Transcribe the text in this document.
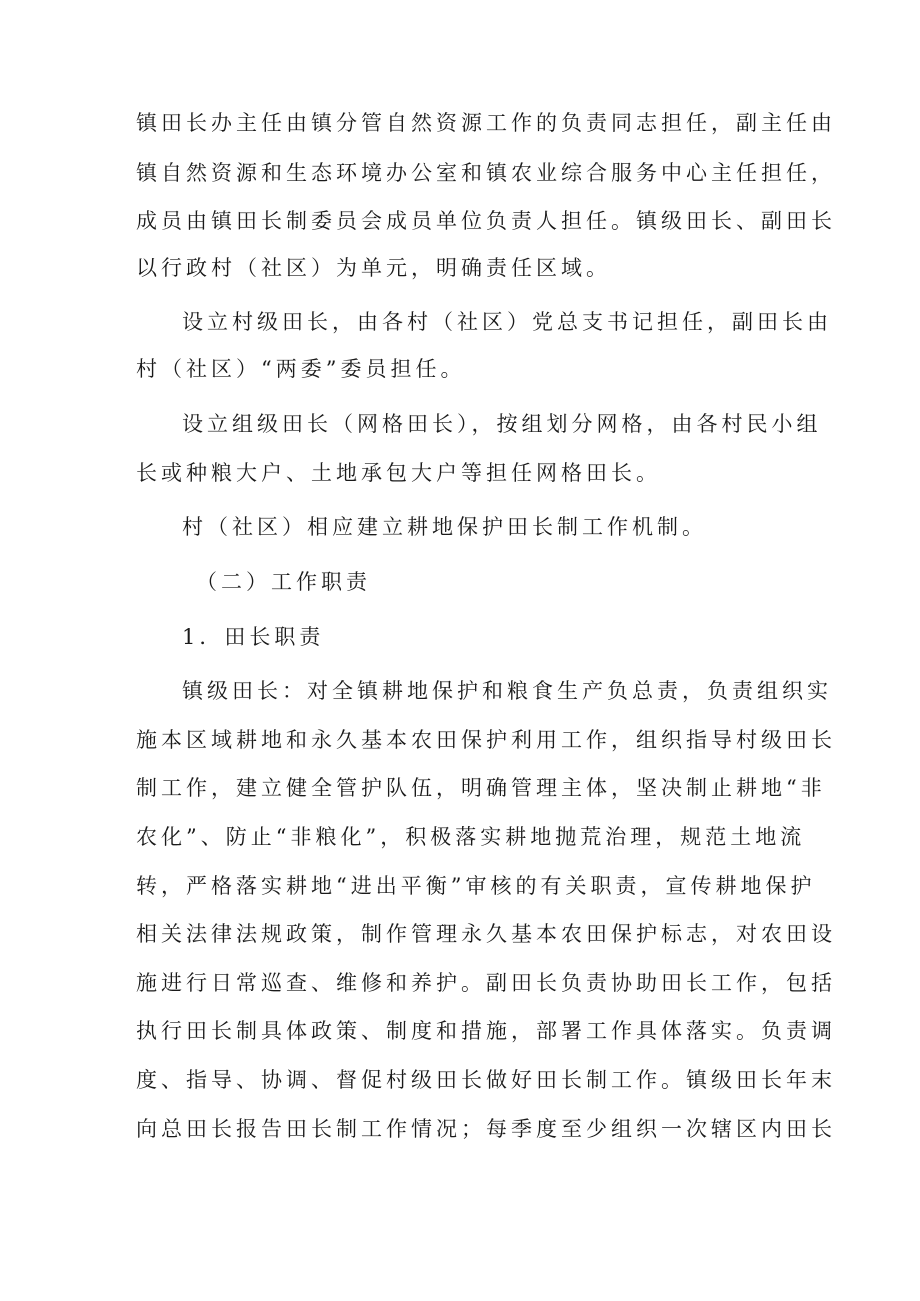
镇田长办主任由镇分管自然资源工作的负责同志担任，副主任由
镇自然资源和生态环境办公室和镇农业综合服务中心主任担任，
成员由镇田长制委员会成员单位负责人担任。镇级田长、副田长
以行政村（社区）为单元，明确责任区域。
设立村级田长，由各村（社区）党总支书记担任，副田长由
村（社区）“两委”委员担任。
设立组级田长（网格田长），按组划分网格，由各村民小组
长或种粮大户、土地承包大户等担任网格田长。
村（社区）相应建立耕地保护田长制工作机制。
（二）工作职责
1．田长职责
镇级田长：对全镇耕地保护和粮食生产负总责，负责组织实
施本区域耕地和永久基本农田保护利用工作，组织指导村级田长
制工作，建立健全管护队伍，明确管理主体，坚决制止耕地“非
农化”、防止“非粮化”，积极落实耕地抛荒治理，规范土地流
转，严格落实耕地“进出平衡”审核的有关职责，宣传耕地保护
相关法律法规政策，制作管理永久基本农田保护标志，对农田设
施进行日常巡查、维修和养护。副田长负责协助田长工作，包括
执行田长制具体政策、制度和措施，部署工作具体落实。负责调
度、指导、协调、督促村级田长做好田长制工作。镇级田长年末
向总田长报告田长制工作情况；每季度至少组织一次辖区内田长
